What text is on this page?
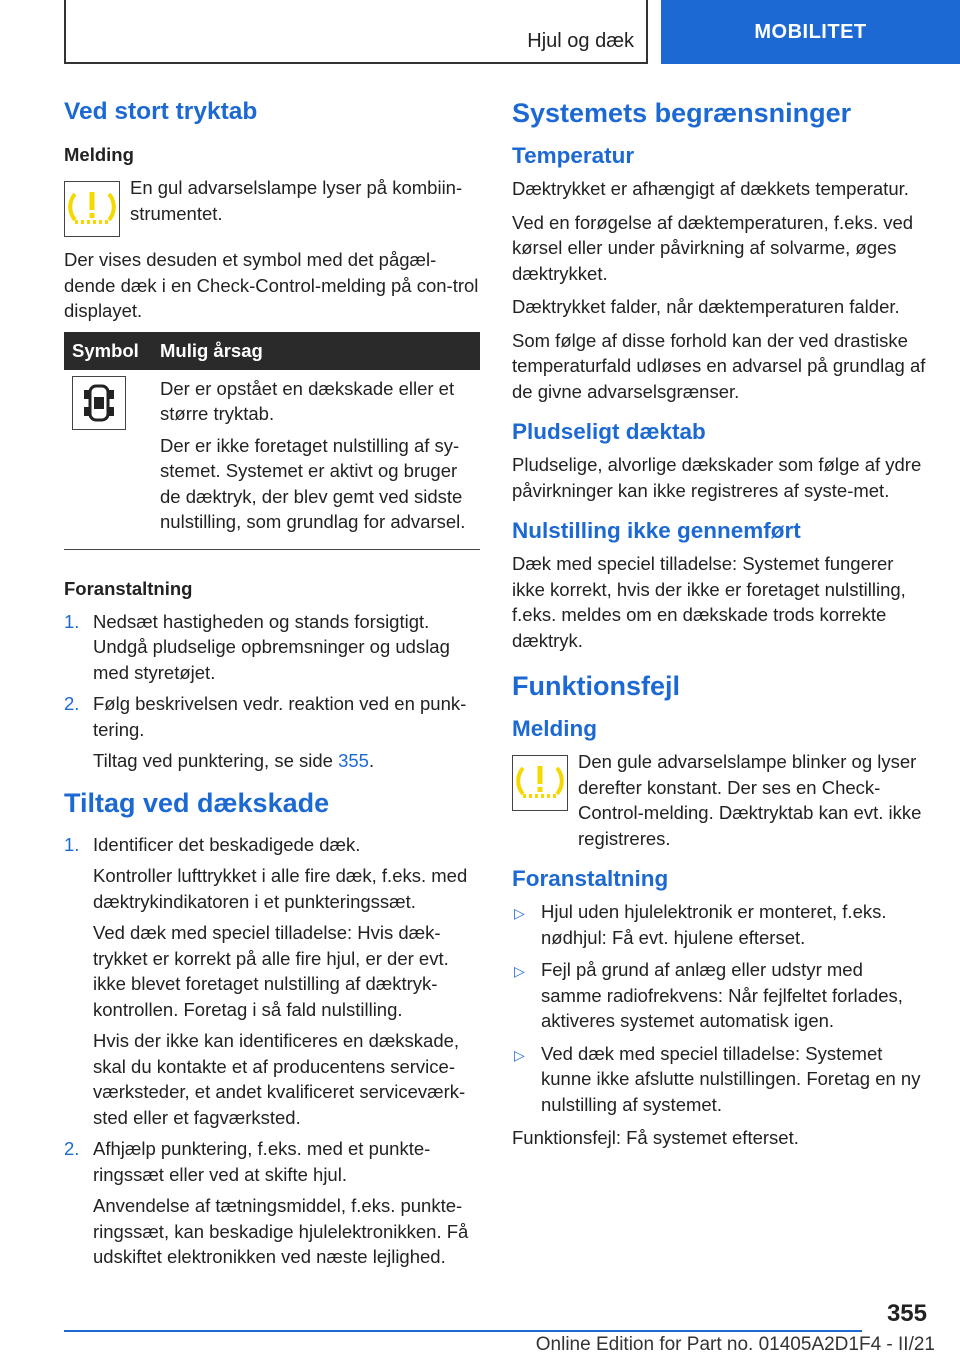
Hjul og dæk	MOBILITET
Ved stort tryktab
Melding

En gul advarselslampe lyser på kombiin-strumentet.

Der vises desuden et symbol med det pågæl-dende dæk i en Check-Control-melding på con-trol displayet.

Symbol	Mulig årsag

Der er opstået en dækskade eller et større tryktab.

Der er ikke foretaget nulstilling af sy-stemet. Systemet er aktivt og bruger de dæktryk, der blev gemt ved sidste nulstilling, som grundlag for advarsel.

Foranstaltning
1. Nedsæt hastigheden og stands forsigtigt. Undgå pludselige opbremsninger og udslag med styretøjet.

2. Følg beskrivelsen vedr. reaktion ved en punk-tering.

Tiltag ved punktering, se side 355.

Tiltag ved dækskade
1. Identificer det beskadigede dæk.

Kontroller lufttrykket i alle fire dæk, f.eks. med dæktrykindikatoren i et punkteringssæt.

Ved dæk med speciel tilladelse: Hvis dæk-trykket er korrekt på alle fire hjul, er der evt. ikke blevet foretaget nulstilling af dæktryk-kontrollen. Foretag i så fald nulstilling.

Hvis der ikke kan identificeres en dækskade, skal du kontakte et af producentens service-værksteder, et andet kvalificeret serviceværk-sted eller et fagværksted.

2. Afhjælp punktering, f.eks. med et punkte-ringssæt eller ved at skifte hjul.

Anvendelse af tætningsmiddel, f.eks. punkte-ringssæt, kan beskadige hjulelektronikken. Få udskiftet elektronikken ved næste lejlighed.

Systemets begrænsninger
Temperatur

Dæktrykket er afhængigt af dækkets temperatur.

Ved en forøgelse af dæktemperaturen, f.eks. ved kørsel eller under påvirkning af solvarme, øges dæktrykket.

Dæktrykket falder, når dæktemperaturen falder.

Som følge af disse forhold kan der ved drastiske temperaturfald udløses en advarsel på grundlag af de givne advarselsgrænser.

Pludseligt dæktab

Pludselige, alvorlige dækskader som følge af ydre påvirkninger kan ikke registreres af syste-met.

Nulstilling ikke gennemført

Dæk med speciel tilladelse: Systemet fungerer ikke korrekt, hvis der ikke er foretaget nulstilling, f.eks. meldes om en dækskade trods korrekte dæktryk.

Funktionsfejl
Melding

Den gule advarselslampe blinker og lyser derefter konstant. Der ses en Check-Control-melding. Dæktryktab kan evt. ikke registreres.

Foranstaltning
▷ Hjul uden hjulelektronik er monteret, f.eks. nødhjul: Få evt. hjulene efterset.
▷ Fejl på grund af anlæg eller udstyr med samme radiofrekvens: Når fejlfeltet forlades, aktiveres systemet automatisk igen.
▷ Ved dæk med speciel tilladelse: Systemet kunne ikke afslutte nulstillingen. Foretag en ny nulstilling af systemet.

Funktionsfejl: Få systemet efterset.

355
Online Edition for Part no. 01405A2D1F4 - II/21
